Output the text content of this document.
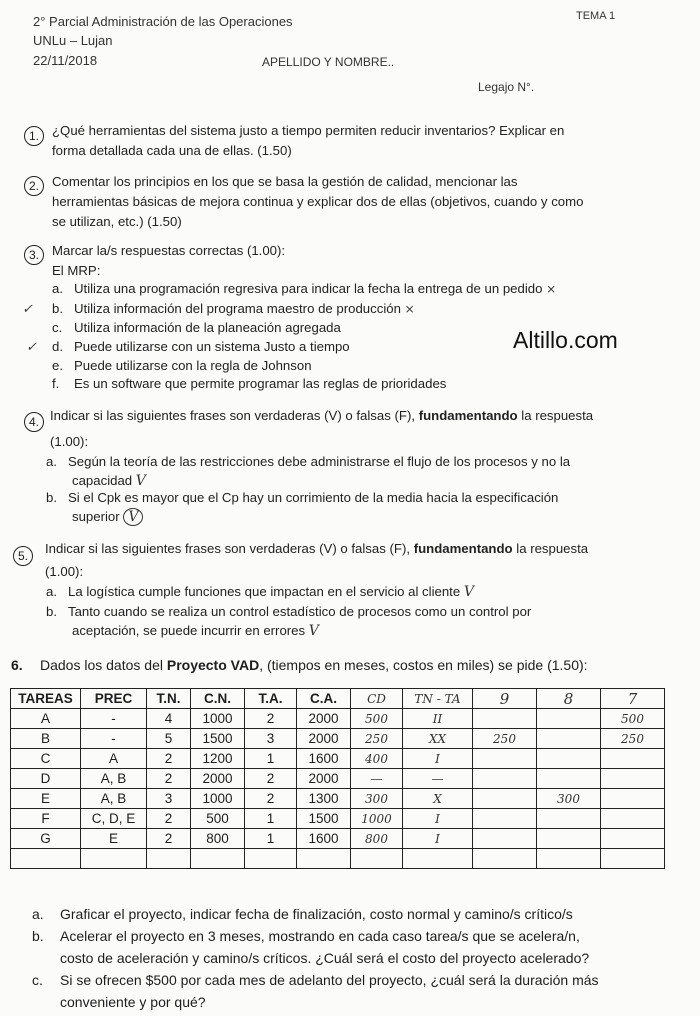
2° Parcial Administración de las Operaciones
UNLu – Lujan
22/11/2018
TEMA 1
APELLIDO Y NOMBRE..
Legajo N°.
Altillo.com
1. ¿Qué herramientas del sistema justo a tiempo permiten reducir inventarios? Explicar en
forma detallada cada una de ellas. (1.50)
2. Comentar los principios en los que se basa la gestión de calidad, mencionar las
herramientas básicas de mejora continua y explicar dos de ellas (objetivos, cuando y como
se utilizan, etc.) (1.50)
3. Marcar la/s respuestas correctas (1.00):
El MRP:
a. Utiliza una programación regresiva para indicar la fecha la entrega de un pedido ×
b. Utiliza información del programa maestro de producción ×
c. Utiliza información de la planeación agregada
d. Puede utilizarse con un sistema Justo a tiempo
e. Puede utilizarse con la regla de Johnson
f. Es un software que permite programar las reglas de prioridades
✓
✓
4. Indicar si las siguientes frases son verdaderas (V) o falsas (F), fundamentando la respuesta
(1.00):
a. Según la teoría de las restricciones debe administrarse el flujo de los procesos y no la
capacidad V
b. Si el Cpk es mayor que el Cp hay un corrimiento de la media hacia la especificación
superior V
5.	Indicar si las siguientes frases son verdaderas (V) o falsas (F), fundamentando la respuesta
(1.00):
a. La logística cumple funciones que impactan en el servicio al cliente V
b. Tanto cuando se realiza un control estadístico de procesos como un control por
aceptación, se puede incurrir en errores V
6. Dados los datos del Proyecto VAD, (tiempos en meses, costos en miles) se pide (1.50):
TAREAS	PREC	T.N.	C.N.	T.A.	C.A.	CD	TN - TA	9	8	7
A	-	4	1000	2	2000	500	II			500
B	-	5	1500	3	2000	250	XX	250		250
C	A	2	1200	1	1600	400	I			
D	A, B	2	2000	2	2000	—	—			
E	A, B	3	1000	2	1300	300	X		300	
F	C, D, E	2	500	1	1500	1000	I			
G	E	2	800	1	1600	800	I			

a. Graficar el proyecto, indicar fecha de finalización, costo normal y camino/s crítico/s
b. Acelerar el proyecto en 3 meses, mostrando en cada caso tarea/s que se acelera/n,
costo de aceleración y camino/s críticos. ¿Cuál será el costo del proyecto acelerado?
c. Si se ofrecen $500 por cada mes de adelanto del proyecto, ¿cuál será la duración más
conveniente y por qué?
